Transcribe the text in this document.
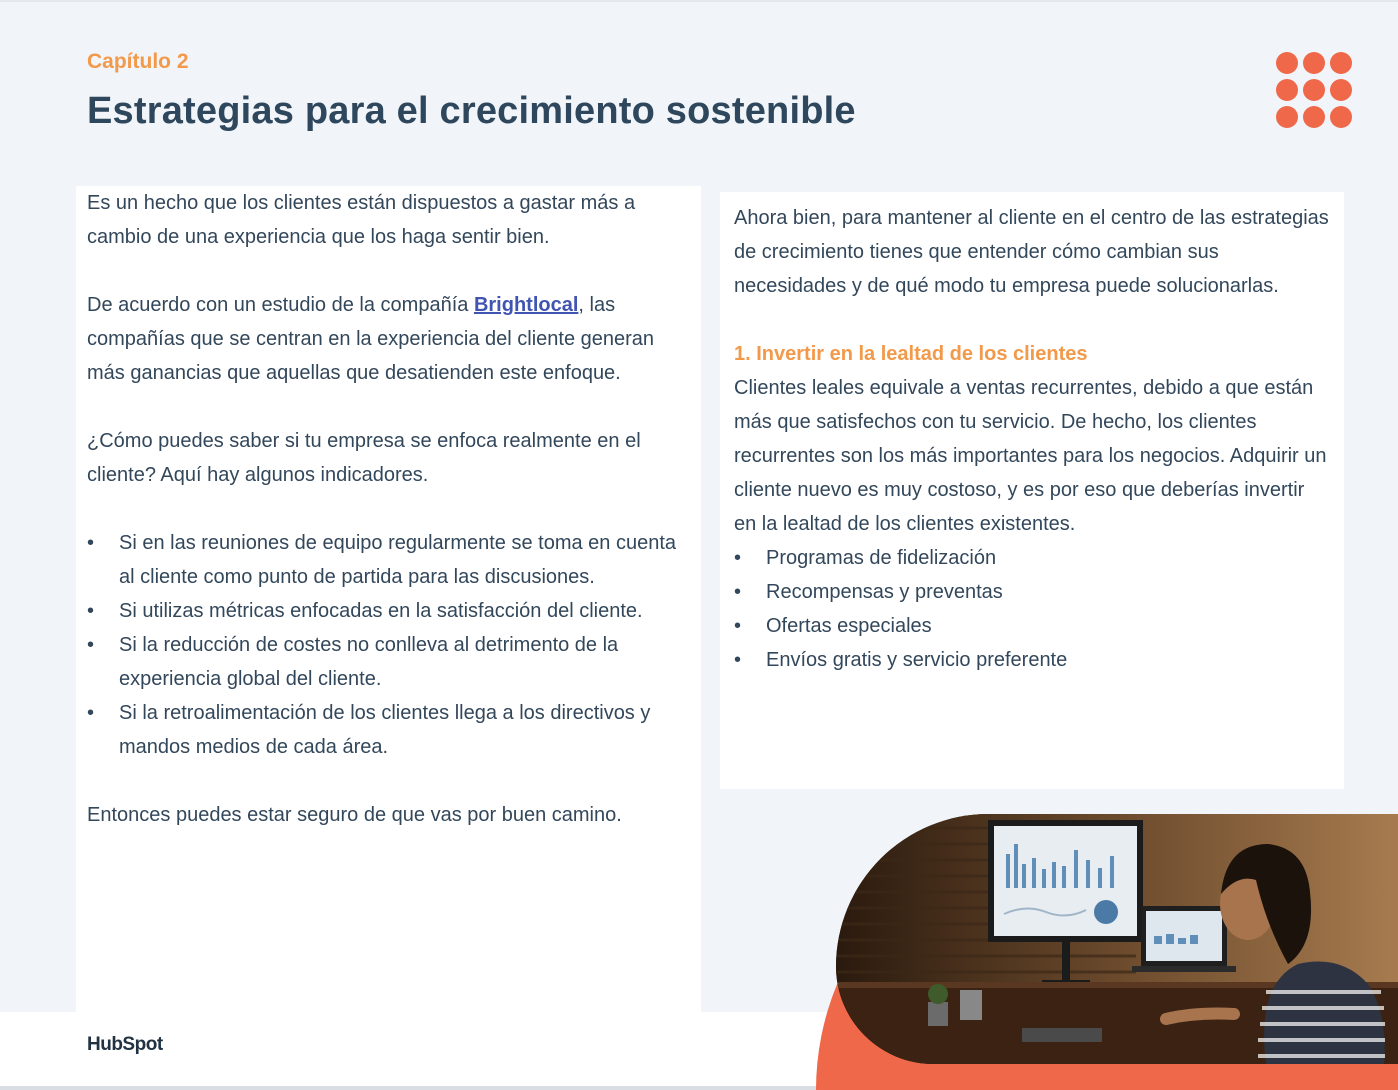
Capítulo 2
Estrategias para el crecimiento sostenible

Es un hecho que los clientes están dispuestos a gastar más a cambio de una experiencia que los haga sentir bien.

De acuerdo con un estudio de la compañía Brightlocal, las compañías que se centran en la experiencia del cliente generan más ganancias que aquellas que desatienden este enfoque.

¿Cómo puedes saber si tu empresa se enfoca realmente en el cliente? Aquí hay algunos indicadores.

• Si en las reuniones de equipo regularmente se toma en cuenta al cliente como punto de partida para las discusiones.
• Si utilizas métricas enfocadas en la satisfacción del cliente.
• Si la reducción de costes no conlleva al detrimento de la experiencia global del cliente.
• Si la retroalimentación de los clientes llega a los directivos y mandos medios de cada área.

Entonces puedes estar seguro de que vas por buen camino.

Ahora bien, para mantener al cliente en el centro de las estrategias de crecimiento tienes que entender cómo cambian sus necesidades y de qué modo tu empresa puede solucionarlas.

1. Invertir en la lealtad de los clientes

Clientes leales equivale a ventas recurrentes, debido a que están más que satisfechos con tu servicio. De hecho, los clientes recurrentes son los más importantes para los negocios. Adquirir un cliente nuevo es muy costoso, y es por eso que deberías invertir en la lealtad de los clientes existentes.

• Programas de fidelización
• Recompensas y preventas
• Ofertas especiales
• Envíos gratis y servicio preferente
HubSpot
